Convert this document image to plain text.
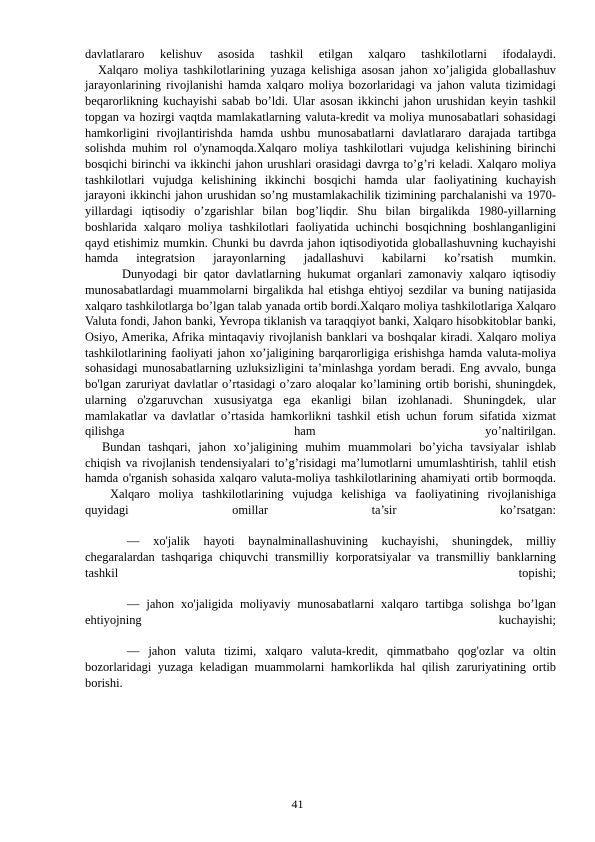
davlatlararo kelishuv asosida tashkil etilgan xalqaro tashkilotlarni ifodalaydi.

Xalqaro moliya tashkilotlarining yuzaga kelishiga asosan jahon xo’jaligida globallashuv jarayonlarining rivojlanishi hamda xalqaro moliya bozorlaridagi va jahon valuta tizimidagi beqarorlikning kuchayishi sabab bo’ldi. Ular asosan ikkinchi jahon urushidan keyin tashkil topgan va hozirgi vaqtda mamlakatlarning valuta-kredit va moliya munosabatlari sohasidagi hamkorligini rivojlantirishda hamda ushbu munosabatlarni davlatlararo darajada tartibga solishda muhim rol o'ynamoqda.Xalqaro moliya tashkilotlari vujudga kelishining birinchi bosqichi birinchi va ikkinchi jahon urushlari orasidagi davrga to’g’ri keladi. Xalqaro moliya tashkilotlari vujudga kelishining ikkinchi bosqichi hamda ular faoliyatining kuchayish jarayoni ikkinchi jahon urushidan so’ng mustamlakachilik tizimining parchalanishi va 1970-yillardagi iqtisodiy o’zgarishlar bilan bog’liqdir. Shu bilan birgalikda 1980-yillarning boshlarida xalqaro moliya tashkilotlari faoliyatida uchinchi bosqichning boshlanganligini qayd etishimiz mumkin. Chunki bu davrda jahon iqtisodiyotida globallashuvning kuchayishi hamda integratsion jarayonlarning jadallashuvi kabilarni ko’rsatish mumkin.

Dunyodagi bir qator davlatlarning hukumat organlari zamonaviy xalqaro iqtisodiy munosabatlardagi muammolarni birgalikda hal etishga ehtiyoj sezdilar va buning natijasida xalqaro tashkilotlarga bo’lgan talab yanada ortib bordi.Xalqaro moliya tashkilotlariga Xalqaro Valuta fondi, Jahon banki, Yevropa tiklanish va taraqqiyot banki, Xalqaro hisobkitoblar banki, Osiyo, Amerika, Afrika mintaqaviy rivojlanish banklari va boshqalar kiradi. Xalqaro moliya tashkilotlarining faoliyati jahon xo’jaligining barqarorligiga erishishga hamda valuta-moliya sohasidagi munosabatlarning uzluksizligini ta’minlashga yordam beradi. Eng avvalo, bunga bo'lgan zaruriyat davlatlar o’rtasidagi o’zaro aloqalar ko’lamining ortib borishi, shuningdek, ularning o'zgaruvchan xususiyatga ega ekanligi bilan izohlanadi. Shuningdek, ular mamlakatlar va davlatlar o’rtasida hamkorlikni tashkil etish uchun forum sifatida xizmat qilishga ham yo’naltirilgan.

Bundan tashqari, jahon xo’jaligining muhim muammolari bo’yicha tavsiyalar ishlab chiqish va rivojlanish tendensiyalari to’g’risidagi ma’lumotlarni umumlashtirish, tahlil etish hamda o'rganish sohasida xalqaro valuta-moliya tashkilotlarining ahamiyati ortib bormoqda.

Xalqaro moliya tashkilotlarining vujudga kelishiga va faoliyatining rivojlanishiga quyidagi omillar ta’sir ko’rsatgan:

— xo'jalik hayoti baynalminallashuvining kuchayishi, shuningdek, milliy chegaralardan tashqariga chiquvchi transmilliy korporatsiyalar va transmilliy banklarning tashkil topishi;

— jahon xo'jaligida moliyaviy munosabatlarni xalqaro tartibga solishga bo’lgan ehtiyojning kuchayishi;

— jahon valuta tizimi, xalqaro valuta-kredit, qimmatbaho qog'ozlar va oltin bozorlaridagi yuzaga keladigan muammolarni hamkorlikda hal qilish zaruriyatining ortib borishi.

41
